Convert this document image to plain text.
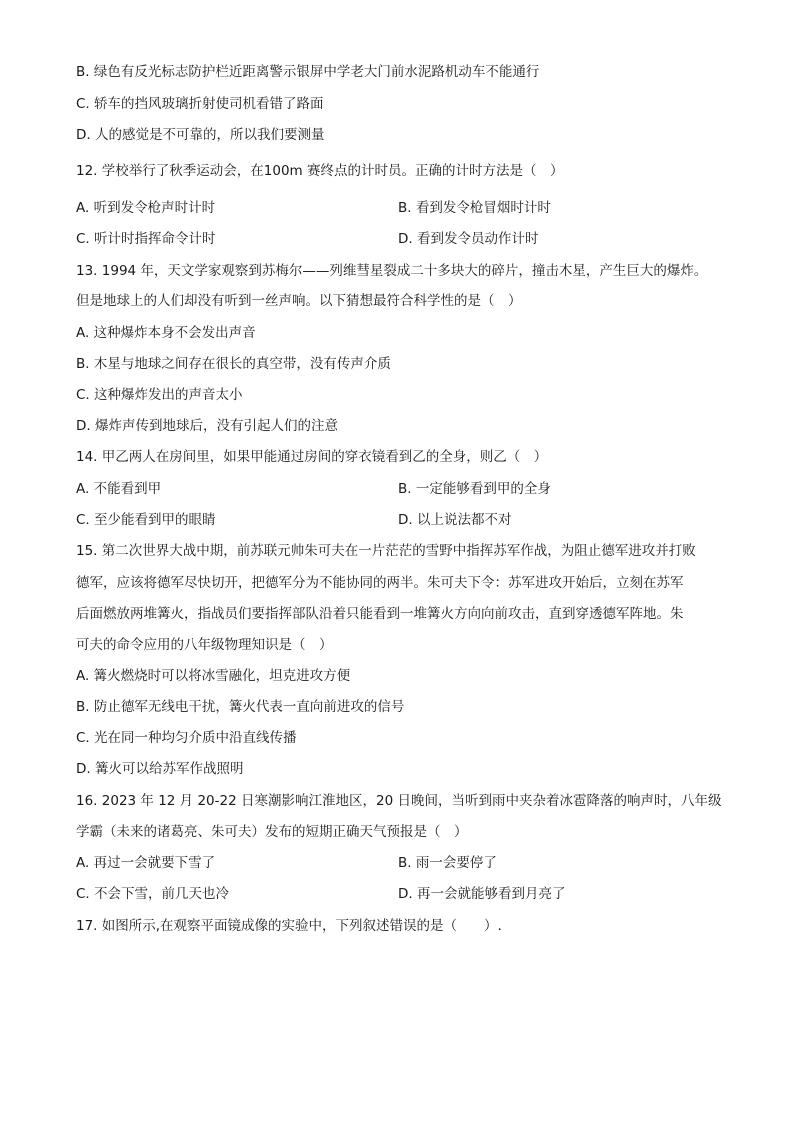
B. 绿色有反光标志防护栏近距离警示银屏中学老大门前水泥路机动车不能通行
C. 轿车的挡风玻璃折射使司机看错了路面
D. 人的感觉是不可靠的，所以我们要测量
12. 学校举行了秋季运动会，在100m 赛终点的计时员。正确的计时方法是（　）
A. 听到发令枪声时计时	B. 看到发令枪冒烟时计时
C. 听计时指挥命令计时	D. 看到发令员动作计时
13. 1994 年，天文学家观察到苏梅尔——列维彗星裂成二十多块大的碎片，撞击木星，产生巨大的爆炸。
但是地球上的人们却没有听到一丝声响。以下猜想最符合科学性的是（　）
A. 这种爆炸本身不会发出声音
B. 木星与地球之间存在很长的真空带，没有传声介质
C. 这种爆炸发出的声音太小
D. 爆炸声传到地球后，没有引起人们的注意
14. 甲乙两人在房间里，如果甲能通过房间的穿衣镜看到乙的全身，则乙（　）
A. 不能看到甲	B. 一定能够看到甲的全身
C. 至少能看到甲的眼睛	D. 以上说法都不对
15. 第二次世界大战中期，前苏联元帅朱可夫在一片茫茫的雪野中指挥苏军作战，为阻止德军进攻并打败
德军，应该将德军尽快切开，把德军分为不能协同的两半。朱可夫下令：苏军进攻开始后，立刻在苏军
后面燃放两堆篝火，指战员们要指挥部队沿着只能看到一堆篝火方向向前攻击，直到穿透德军阵地。朱
可夫的命令应用的八年级物理知识是（　）
A. 篝火燃烧时可以将冰雪融化，坦克进攻方便
B. 防止德军无线电干扰，篝火代表一直向前进攻的信号
C. 光在同一种均匀介质中沿直线传播
D. 篝火可以给苏军作战照明
16. 2023 年 12 月 20-22 日寒潮影响江淮地区，20 日晚间，当听到雨中夹杂着冰雹降落的响声时，八年级
学霸（未来的诸葛亮、朱可夫）发布的短期正确天气预报是（　）
A. 再过一会就要下雪了	B. 雨一会要停了
C. 不会下雪，前几天也冷	D. 再一会就能够看到月亮了
17. 如图所示,在观察平面镜成像的实验中，下列叙述错误的是（　　）.
